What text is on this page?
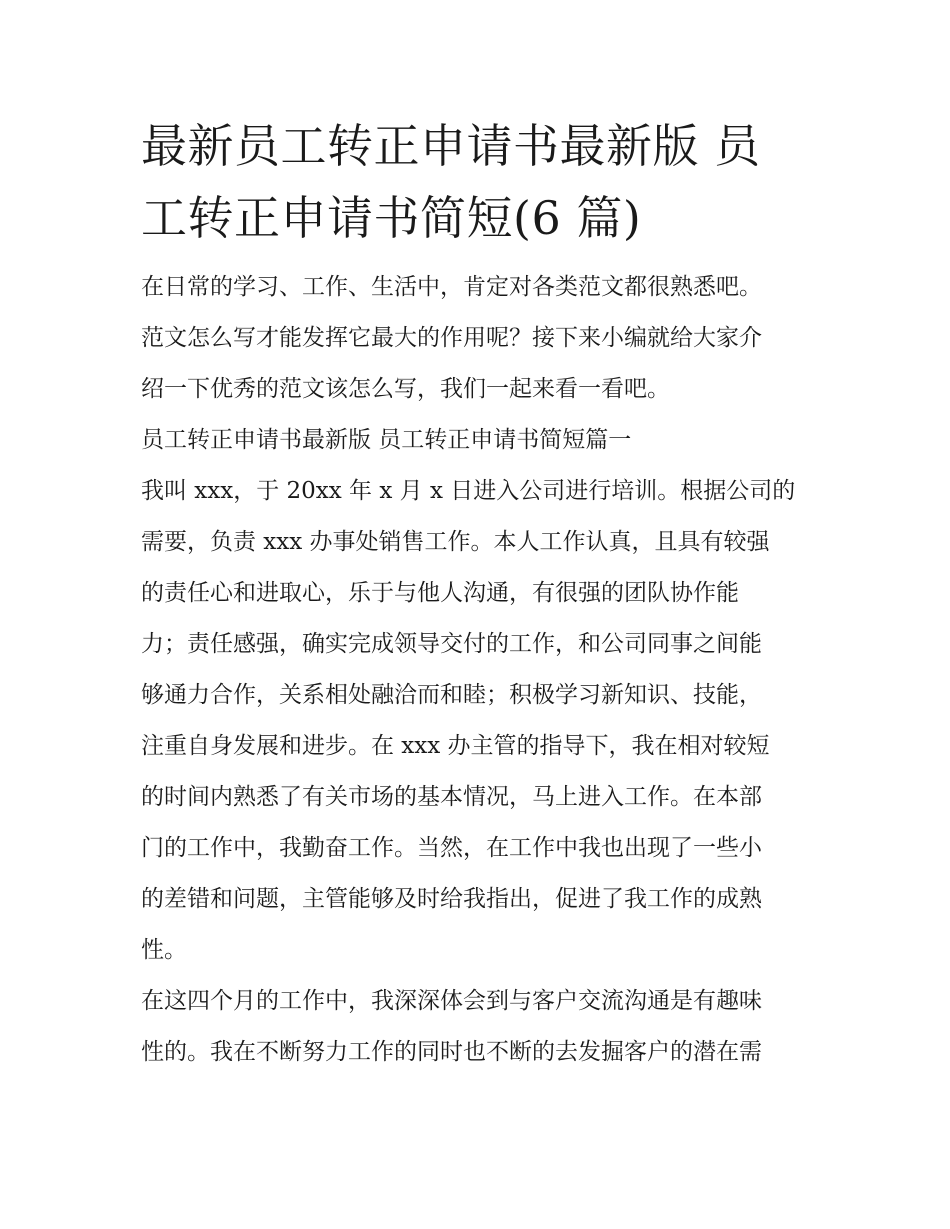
最新员工转正申请书最新版 员
工转正申请书简短(6 篇)

在日常的学习、工作、生活中，肯定对各类范文都很熟悉吧。
范文怎么写才能发挥它最大的作用呢？接下来小编就给大家介
绍一下优秀的范文该怎么写，我们一起来看一看吧。

员工转正申请书最新版 员工转正申请书简短篇一

我叫 xxx，于 20xx 年 x 月 x 日进入公司进行培训。根据公司的
需要，负责 xxx 办事处销售工作。本人工作认真，且具有较强
的责任心和进取心，乐于与他人沟通，有很强的团队协作能
力；责任感强，确实完成领导交付的工作，和公司同事之间能
够通力合作，关系相处融洽而和睦；积极学习新知识、技能，
注重自身发展和进步。在 xxx 办主管的指导下，我在相对较短
的时间内熟悉了有关市场的基本情况，马上进入工作。在本部
门的工作中，我勤奋工作。当然，在工作中我也出现了一些小
的差错和问题，主管能够及时给我指出，促进了我工作的成熟
性。

在这四个月的工作中，我深深体会到与客户交流沟通是有趣味
性的。我在不断努力工作的同时也不断的去发掘客户的潜在需
